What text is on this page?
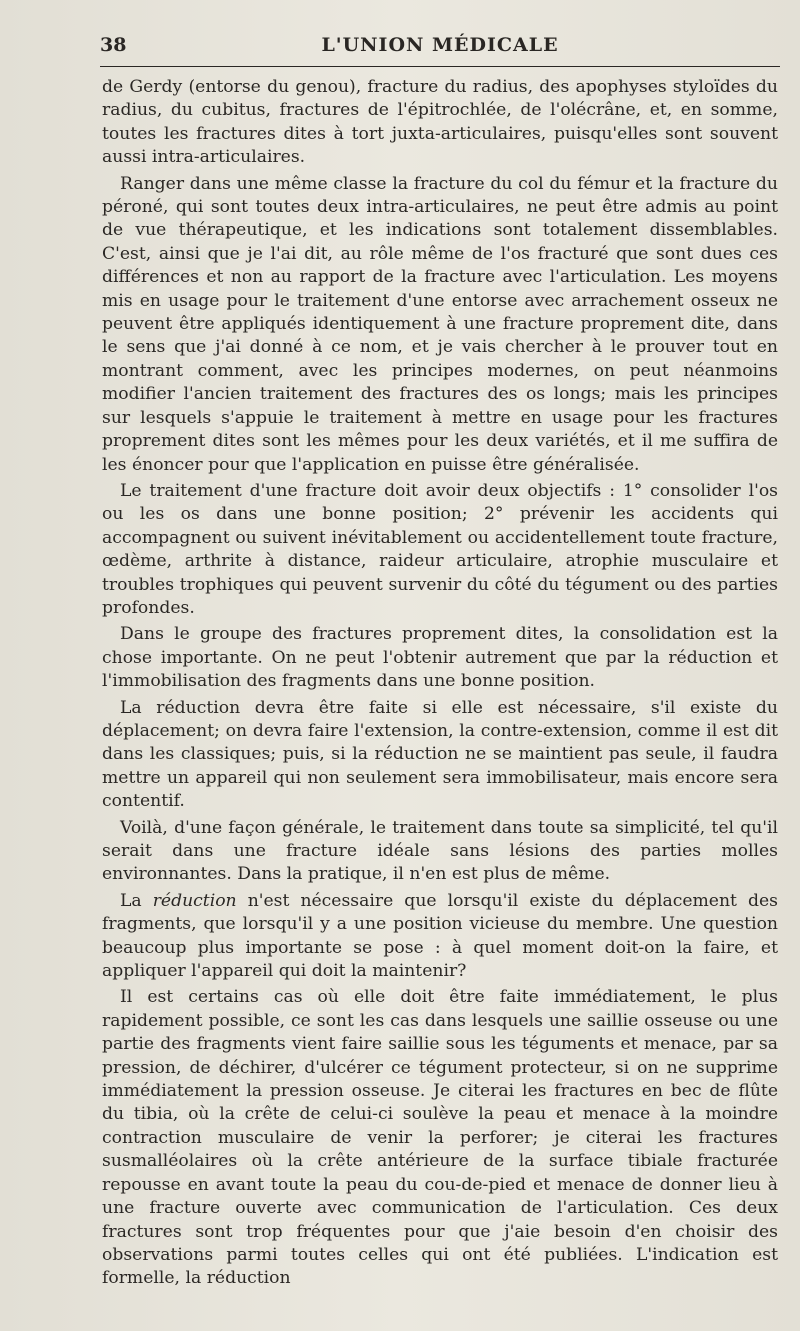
38	L'UNION MÉDICALE

de Gerdy (entorse du genou), fracture du radius, des apophyses styloïdes du radius, du cubitus, fractures de l'épitrochlée, de l'olécrâne, et, en somme, toutes les fractures dites à tort juxta-articulaires, puisqu'elles sont souvent aussi intra-articulaires.

Ranger dans une même classe la fracture du col du fémur et la fracture du péroné, qui sont toutes deux intra-articulaires, ne peut être admis au point de vue thérapeutique, et les indications sont totalement dissemblables. C'est, ainsi que je l'ai dit, au rôle même de l'os fracturé que sont dues ces différences et non au rapport de la fracture avec l'articulation. Les moyens mis en usage pour le traitement d'une entorse avec arrachement osseux ne peuvent être appliqués identiquement à une fracture proprement dite, dans le sens que j'ai donné à ce nom, et je vais chercher à le prouver tout en montrant comment, avec les principes modernes, on peut néanmoins modifier l'ancien traitement des fractures des os longs; mais les principes sur lesquels s'appuie le traitement à mettre en usage pour les fractures proprement dites sont les mêmes pour les deux variétés, et il me suffira de les énoncer pour que l'application en puisse être généralisée.

Le traitement d'une fracture doit avoir deux objectifs : 1° consolider l'os ou les os dans une bonne position; 2° prévenir les accidents qui accompagnent ou suivent inévitablement ou accidentellement toute fracture, œdème, arthrite à distance, raideur articulaire, atrophie musculaire et troubles trophiques qui peuvent survenir du côté du tégument ou des parties profondes.

Dans le groupe des fractures proprement dites, la consolidation est la chose importante. On ne peut l'obtenir autrement que par la réduction et l'immobilisation des fragments dans une bonne position.

La réduction devra être faite si elle est nécessaire, s'il existe du déplacement; on devra faire l'extension, la contre-extension, comme il est dit dans les classiques; puis, si la réduction ne se maintient pas seule, il faudra mettre un appareil qui non seulement sera immobilisateur, mais encore sera contentif.

Voilà, d'une façon générale, le traitement dans toute sa simplicité, tel qu'il serait dans une fracture idéale sans lésions des parties molles environnantes. Dans la pratique, il n'en est plus de même.

La réduction n'est nécessaire que lorsqu'il existe du déplacement des fragments, que lorsqu'il y a une position vicieuse du membre. Une question beaucoup plus importante se pose : à quel moment doit-on la faire, et appliquer l'appareil qui doit la maintenir?

Il est certains cas où elle doit être faite immédiatement, le plus rapidement possible, ce sont les cas dans lesquels une saillie osseuse ou une partie des fragments vient faire saillie sous les téguments et menace, par sa pression, de déchirer, d'ulcérer ce tégument protecteur, si on ne supprime immédiatement la pression osseuse. Je citerai les fractures en bec de flûte du tibia, où la crête de celui-ci soulève la peau et menace à la moindre contraction musculaire de venir la perforer; je citerai les fractures susmalléolaires où la crête antérieure de la surface tibiale fracturée repousse en avant toute la peau du cou-de-pied et menace de donner lieu à une fracture ouverte avec communication de l'articulation. Ces deux fractures sont trop fréquentes pour que j'aie besoin d'en choisir des observations parmi toutes celles qui ont été publiées. L'indication est formelle, la réduction
